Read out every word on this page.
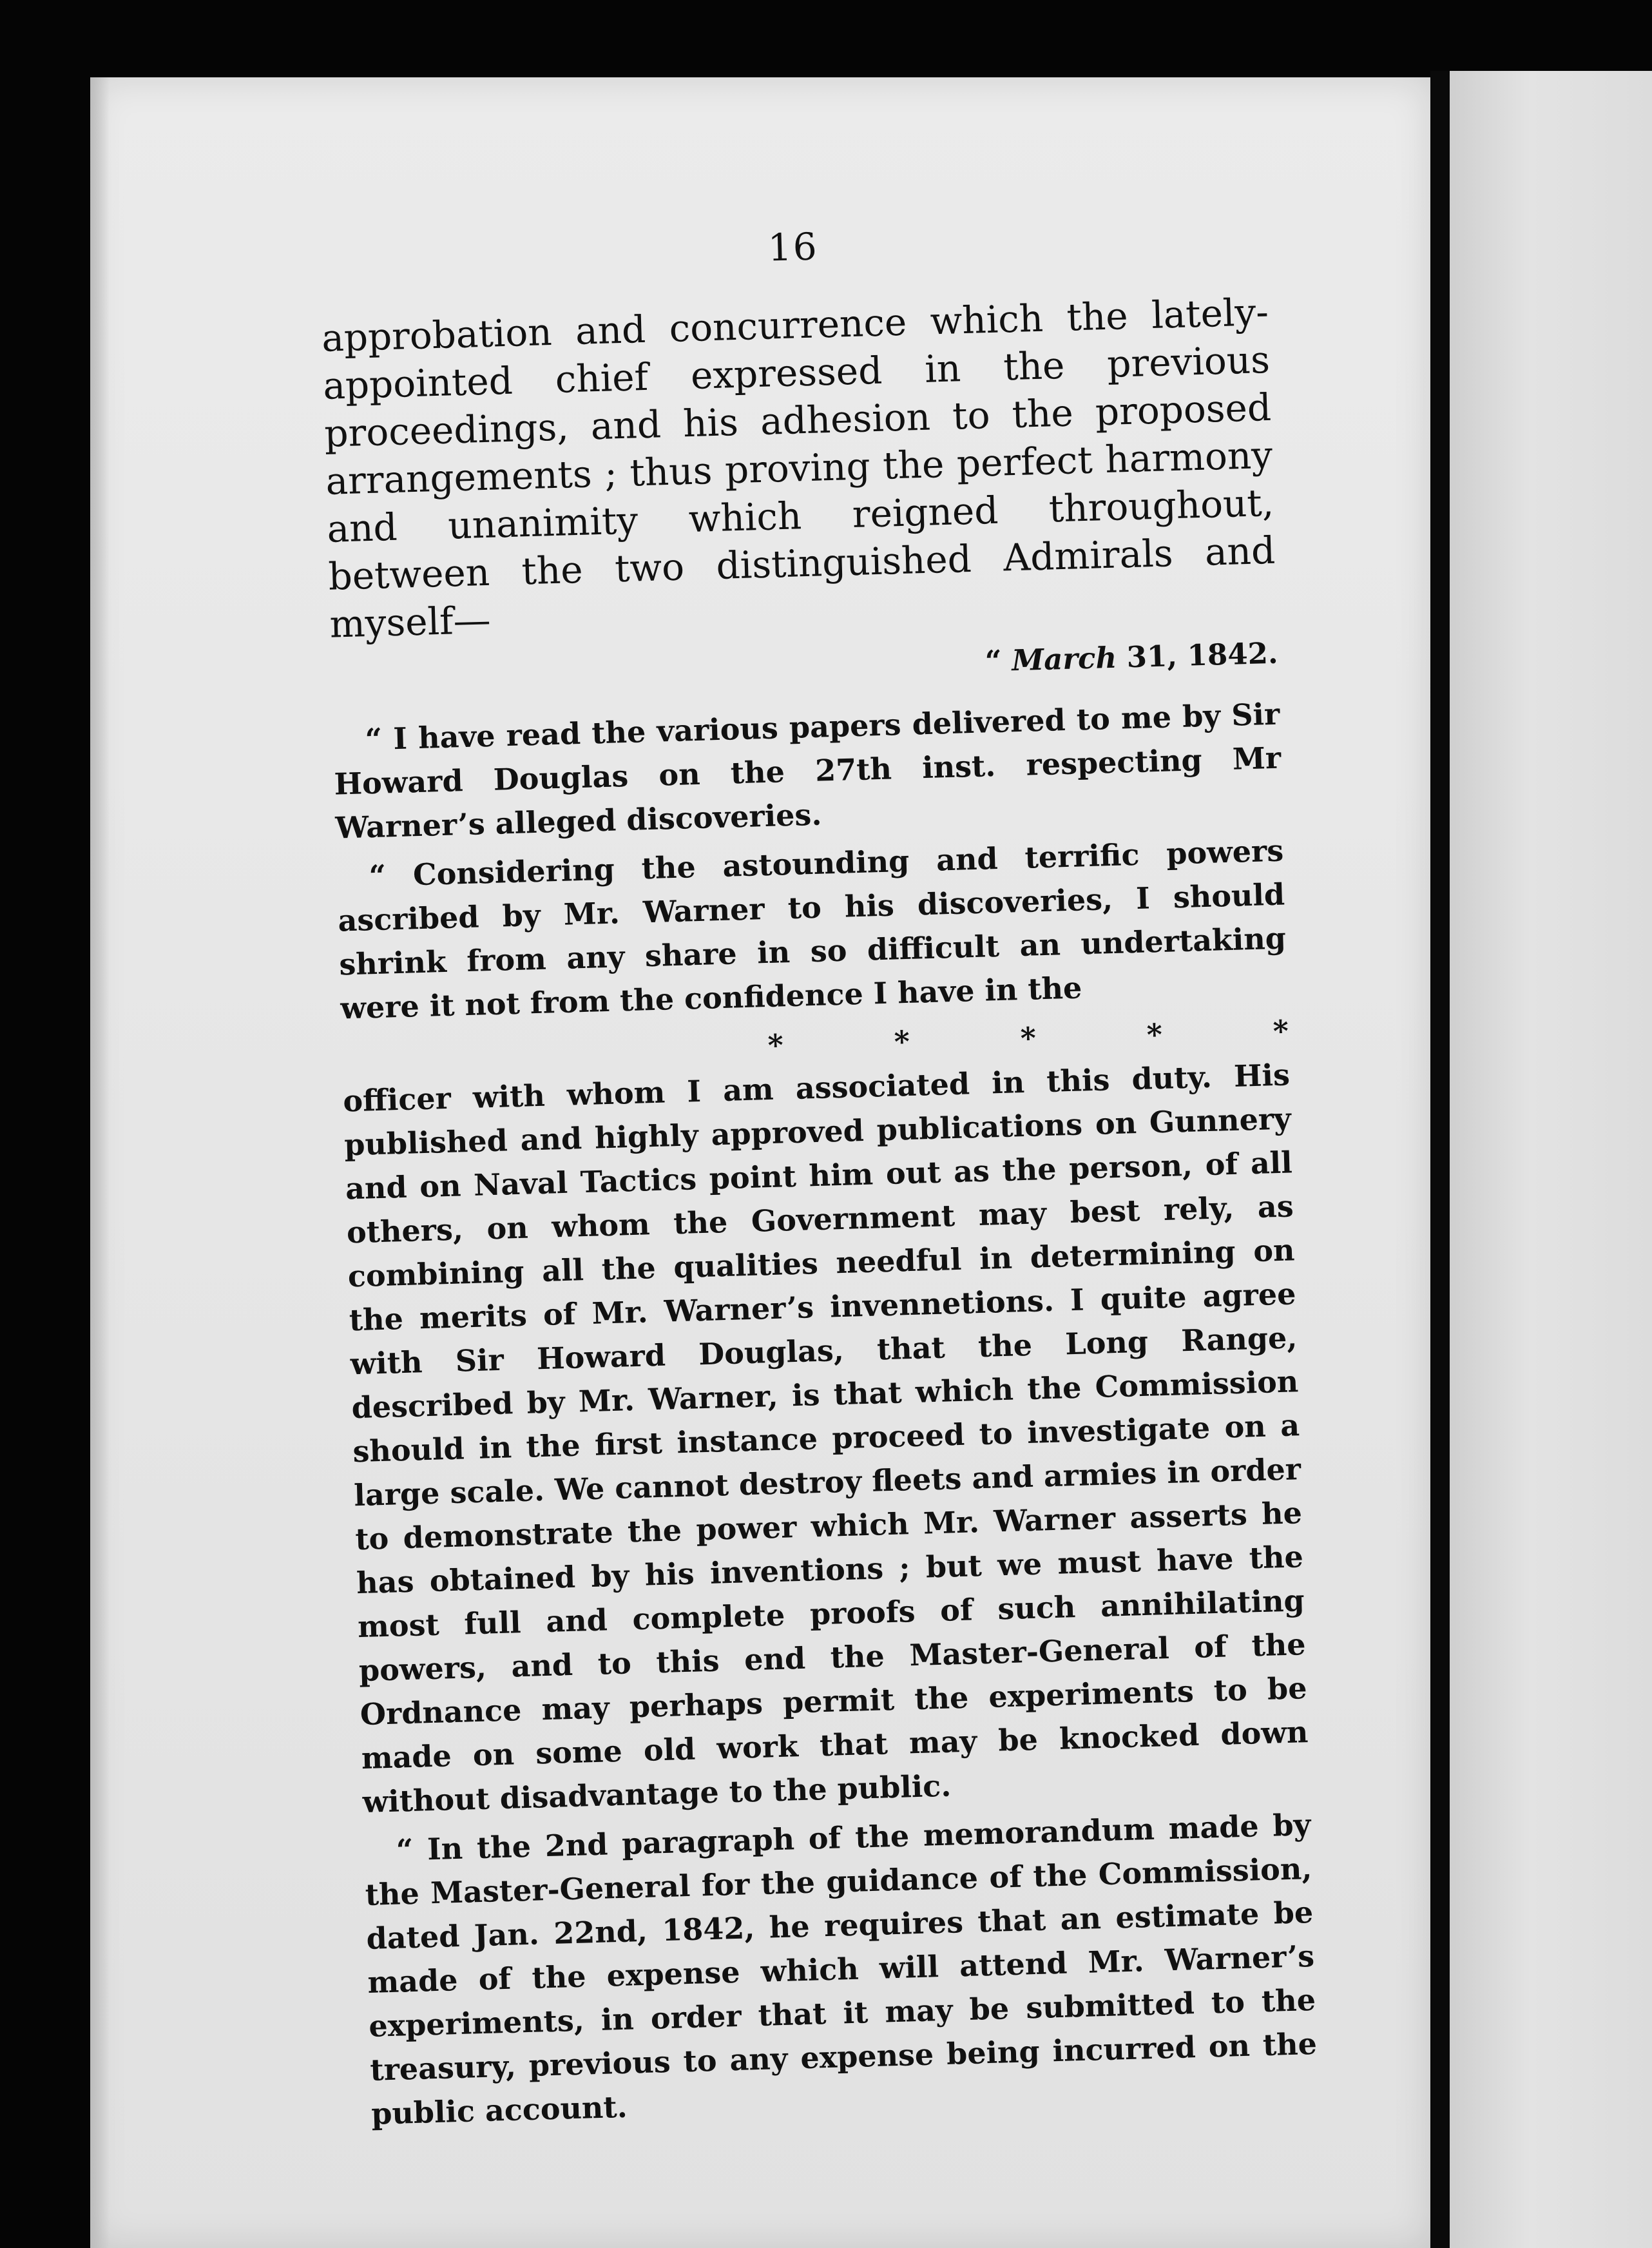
16

approbation and concurrence which the lately-appointed chief expressed in the previous proceedings, and his adhesion to the proposed arrangements ; thus proving the perfect harmony and unanimity which reigned throughout, between the two distinguished Admirals and myself—

“ March 31, 1842.

“ I have read the various papers delivered to me by Sir Howard Douglas on the 27th inst. respecting Mr Warner’s alleged discoveries.

“ Considering the astounding and terrific powers ascribed by Mr. Warner to his discoveries, I should shrink from any share in so difficult an undertaking were it not from the confidence I have in the

* * * * *

officer with whom I am associated in this duty. His published and highly approved publications on Gunnery and on Naval Tactics point him out as the person, of all others, on whom the Government may best rely, as combining all the qualities needful in determining on the merits of Mr. Warner’s invennetions. I quite agree with Sir Howard Douglas, that the Long Range, described by Mr. Warner, is that which the Commission should in the first instance proceed to investigate on a large scale. We cannot destroy fleets and armies in order to demonstrate the power which Mr. Warner asserts he has obtained by his inventions ; but we must have the most full and complete proofs of such annihilating powers, and to this end the Master-General of the Ordnance may perhaps permit the experiments to be made on some old work that may be knocked down without disadvantage to the public.

“ In the 2nd paragraph of the memorandum made by the Master-General for the guidance of the Commission, dated Jan. 22nd, 1842, he requires that an estimate be made of the expense which will attend Mr. Warner’s experiments, in order that it may be submitted to the treasury, previous to any expense being incurred on the public account.
